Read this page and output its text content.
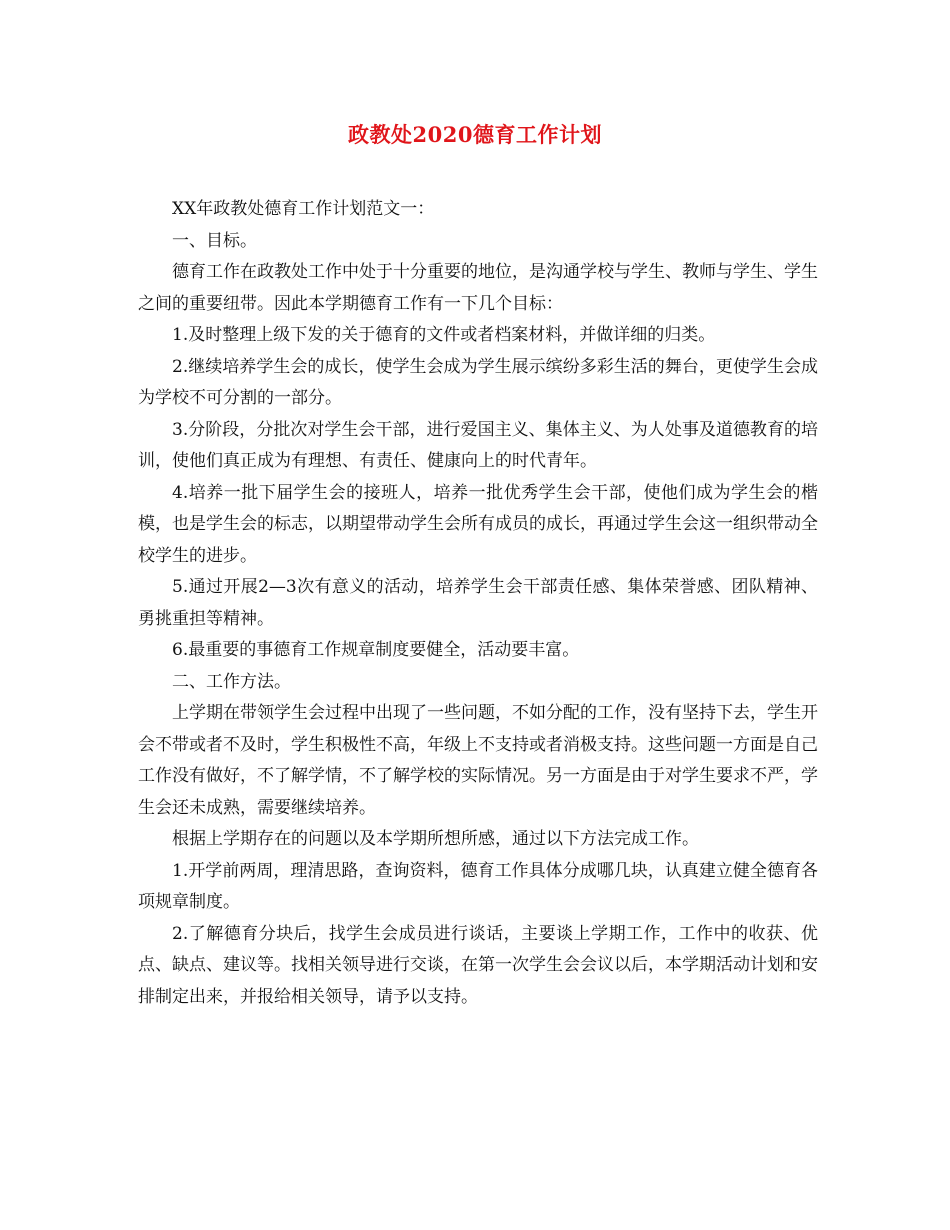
政教处2020德育工作计划

XX年政教处德育工作计划范文一：

一、目标。

德育工作在政教处工作中处于十分重要的地位，是沟通学校与学生、教师与学生、学生之间的重要纽带。因此本学期德育工作有一下几个目标：

1.及时整理上级下发的关于德育的文件或者档案材料，并做详细的归类。

2.继续培养学生会的成长，使学生会成为学生展示缤纷多彩生活的舞台，更使学生会成为学校不可分割的一部分。

3.分阶段，分批次对学生会干部，进行爱国主义、集体主义、为人处事及道德教育的培训，使他们真正成为有理想、有责任、健康向上的时代青年。

4.培养一批下届学生会的接班人，培养一批优秀学生会干部，使他们成为学生会的楷模，也是学生会的标志，以期望带动学生会所有成员的成长，再通过学生会这一组织带动全校学生的进步。

5.通过开展2—3次有意义的活动，培养学生会干部责任感、集体荣誉感、团队精神、勇挑重担等精神。

6.最重要的事德育工作规章制度要健全，活动要丰富。

二、工作方法。

上学期在带领学生会过程中出现了一些问题，不如分配的工作，没有坚持下去，学生开会不带或者不及时，学生积极性不高，年级上不支持或者消极支持。这些问题一方面是自己工作没有做好，不了解学情，不了解学校的实际情况。另一方面是由于对学生要求不严，学生会还未成熟，需要继续培养。

根据上学期存在的问题以及本学期所想所感，通过以下方法完成工作。

1.开学前两周，理清思路，查询资料，德育工作具体分成哪几块，认真建立健全德育各项规章制度。

2.了解德育分块后，找学生会成员进行谈话，主要谈上学期工作，工作中的收获、优点、缺点、建议等。找相关领导进行交谈，在第一次学生会会议以后，本学期活动计划和安排制定出来，并报给相关领导，请予以支持。
